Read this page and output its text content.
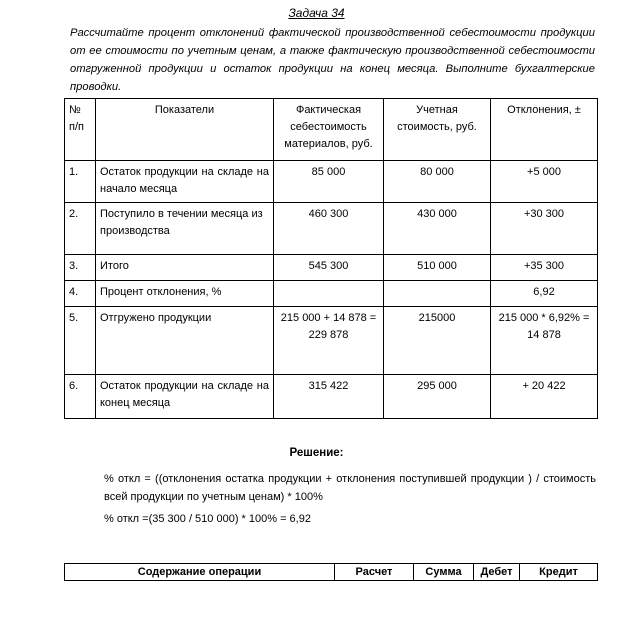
Задача 34
Рассчитайте процент отклонений фактической производственной себестоимости продукции от ее стоимости по учетным ценам, а также фактическую производственной себестоимости отгруженной продукции и остаток продукции на конец месяца. Выполните бухгалтерские проводки.
№ п/п	Показатели	Фактическая себестоимость материалов, руб.	Учетная стоимость, руб.	Отклонения, ±
1.	Остаток продукции на складе на начало месяца	85 000	80 000	+5 000
2.	Поступило в течении месяца из производства	460 300	430 000	+30 300
3.	Итого	545 300	510 000	+35 300
4.	Процент отклонения, %			6,92
5.	Отгружено продукции	215 000 + 14 878 = 229 878	215000	215 000 * 6,92% = 14 878
6.	Остаток продукции на складе на конец месяца	315 422	295 000	+ 20 422
Решение:
% откл = ((отклонения остатка продукции + отклонения поступившей продукции ) / стоимость всей продукции по учетным ценам) * 100%
% откл =(35 300 / 510 000) * 100% = 6,92
Содержание операции	Расчет	Сумма	Дебет	Кредит
